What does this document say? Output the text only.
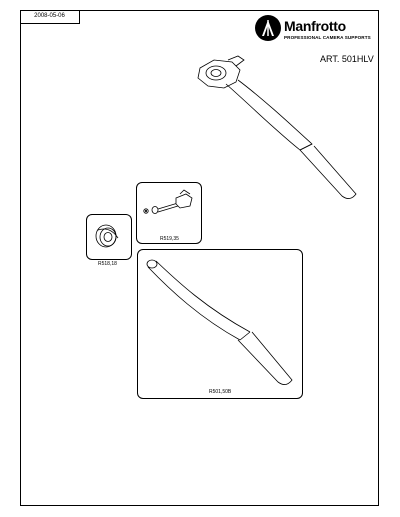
2008-05-06
Manfrotto
PROFESSIONAL CAMERA SUPPORTS
ART. 501HLV
R519,35
R518,18
R501,50B
